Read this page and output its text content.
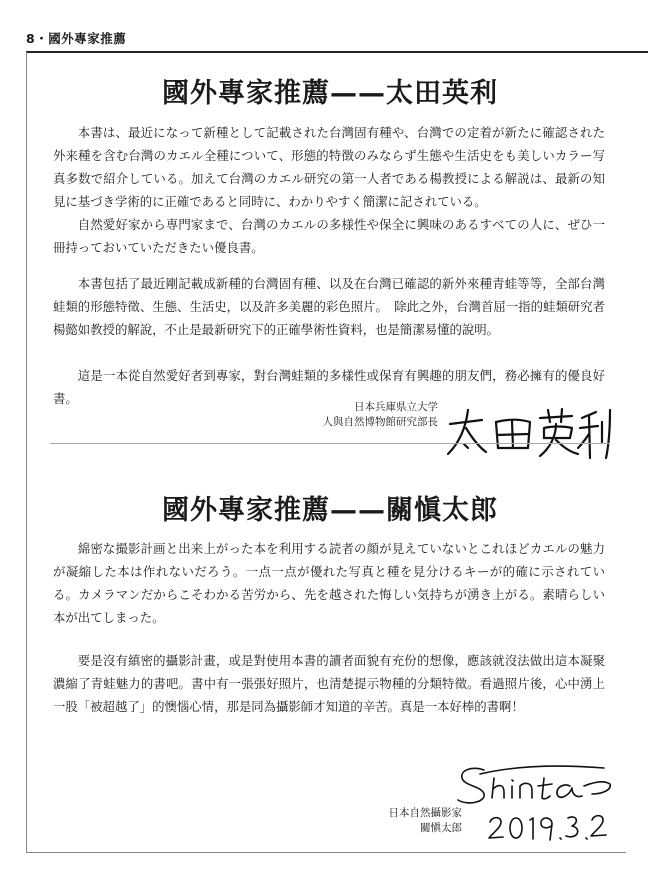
8・國外專家推薦
國外專家推薦——太田英利

本書は、最近になって新種として記載された台灣固有種や、台灣での定着が新たに確認された外来種を含む台灣のカエル全種について、形態的特徴のみならず生態や生活史をも美しいカラー写真多数で紹介している。加えて台灣のカエル研究の第一人者である楊教授による解説は、最新の知見に基づき学術的に正確であると同時に、わかりやすく簡潔に記されている。

自然愛好家から専門家まで、台灣のカエルの多様性や保全に興味のあるすべての人に、ぜひ一冊持っておいていただきたい優良書。

本書包括了最近剛記載成新種的台灣固有種、以及在台灣已確認的新外來種青蛙等等，全部台灣蛙類的形態特徵、生態、生活史，以及許多美麗的彩色照片。　除此之外，台灣首屈一指的蛙類研究者楊懿如教授的解說，不止是最新研究下的正確學術性資料，也是簡潔易懂的說明。

這是一本從自然愛好者到專家，對台灣蛙類的多樣性或保育有興趣的朋友們，務必擁有的優良好書。

日本兵庫県立大学
人與自然博物館研究部長
國外專家推薦——關愼太郎

綿密な撮影計画と出来上がった本を利用する読者の顔が見えていないとこれほどカエルの魅力が凝縮した本は作れないだろう。一点一点が優れた写真と種を見分けるキーが的確に示されている。カメラマンだからこそわかる苦労から、先を越された悔しい気持ちが湧き上がる。素晴らしい本が出てしまった。

要是沒有縝密的攝影計畫，或是對使用本書的讀者面貌有充份的想像，應該就沒法做出這本凝聚濃縮了青蛙魅力的書吧。書中有一張張好照片，也清楚提示物種的分類特徵。看過照片後，心中湧上一股「被超越了」的懊惱心情，那是同為攝影師才知道的辛苦。真是一本好棒的書啊！

日本自然攝影家
關愼太郎
